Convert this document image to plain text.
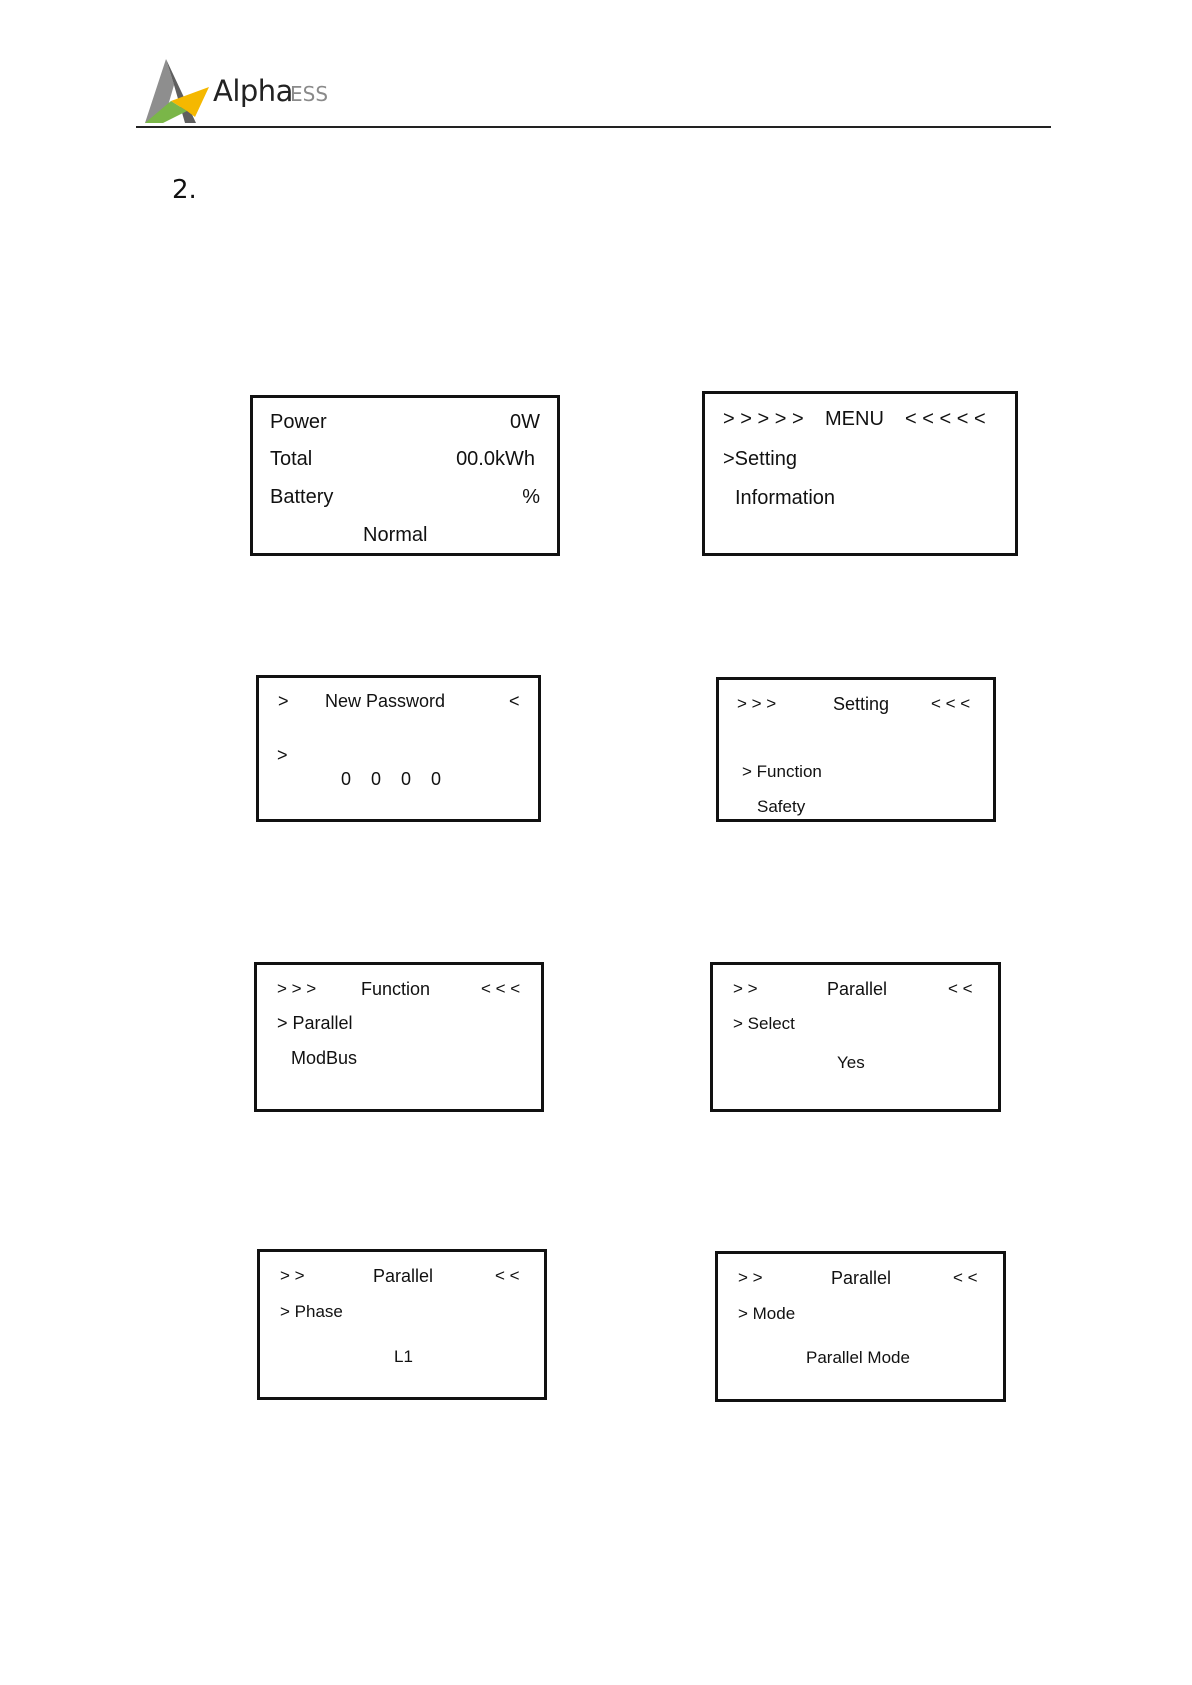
Alpha
ESS
2.
Power	0W
Total	00.0kWh
Battery	%
Normal
> > > > > MENU < < < < <
>Setting
Information
> New Password	<
>
0    0    0    0
> > >	Setting < < <
> Function
Safety
> > > Function	< < <
> Parallel
ModBus
> >	Parallel	< <
> Select
Yes
> >	Parallel	< <
> Phase
L1
> >	Parallel	< <
> Mode
Parallel Mode
